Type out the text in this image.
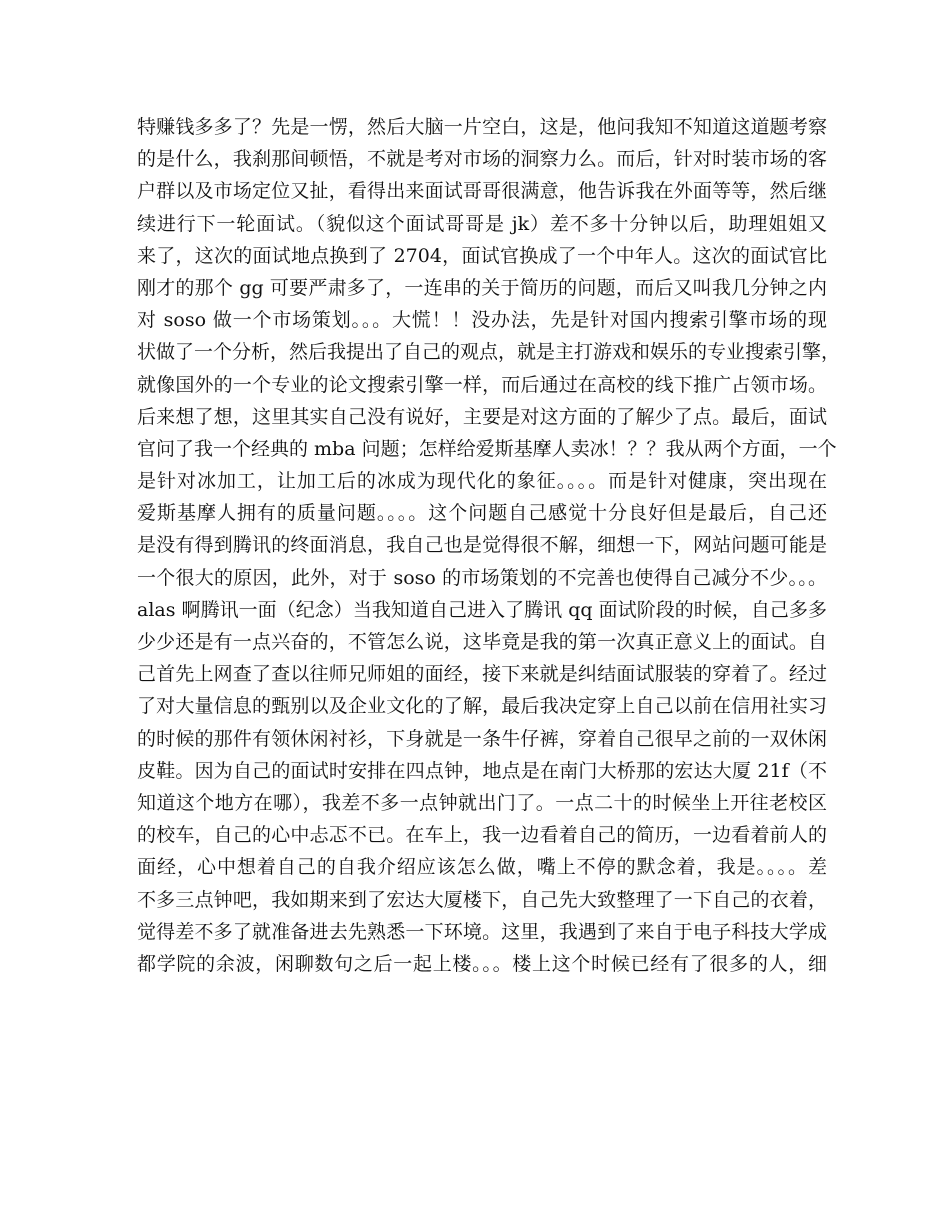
特赚钱多多了？先是一愣，然后大脑一片空白，这是，他问我知不知道这道题考察
的是什么，我刹那间顿悟，不就是考对市场的洞察力么。而后，针对时装市场的客
户群以及市场定位又扯，看得出来面试哥哥很满意，他告诉我在外面等等，然后继
续进行下一轮面试。（貌似这个面试哥哥是 jk）差不多十分钟以后，助理姐姐又
来了，这次的面试地点换到了 2704，面试官换成了一个中年人。这次的面试官比
刚才的那个 gg 可要严肃多了，一连串的关于简历的问题，而后又叫我几分钟之内
对 soso 做一个市场策划。。。大慌！！没办法，先是针对国内搜索引擎市场的现
状做了一个分析，然后我提出了自己的观点，就是主打游戏和娱乐的专业搜索引擎，
就像国外的一个专业的论文搜索引擎一样，而后通过在高校的线下推广占领市场。
后来想了想，这里其实自己没有说好，主要是对这方面的了解少了点。最后，面试
官问了我一个经典的 mba 问题；怎样给爱斯基摩人卖冰！？？我从两个方面，一个
是针对冰加工，让加工后的冰成为现代化的象征。。。。而是针对健康，突出现在
爱斯基摩人拥有的质量问题。。。。这个问题自己感觉十分良好但是最后，自己还
是没有得到腾讯的终面消息，我自己也是觉得很不解，细想一下，网站问题可能是
一个很大的原因，此外，对于 soso 的市场策划的不完善也使得自己减分不少。。。
alas 啊腾讯一面（纪念）当我知道自己进入了腾讯 qq 面试阶段的时候，自己多多
少少还是有一点兴奋的，不管怎么说，这毕竟是我的第一次真正意义上的面试。自
己首先上网查了查以往师兄师姐的面经，接下来就是纠结面试服装的穿着了。经过
了对大量信息的甄别以及企业文化的了解，最后我决定穿上自己以前在信用社实习
的时候的那件有领休闲衬衫，下身就是一条牛仔裤，穿着自己很早之前的一双休闲
皮鞋。因为自己的面试时安排在四点钟，地点是在南门大桥那的宏达大厦 21f（不
知道这个地方在哪），我差不多一点钟就出门了。一点二十的时候坐上开往老校区
的校车，自己的心中忐忑不已。在车上，我一边看着自己的简历，一边看着前人的
面经，心中想着自己的自我介绍应该怎么做，嘴上不停的默念着，我是。。。。差
不多三点钟吧，我如期来到了宏达大厦楼下，自己先大致整理了一下自己的衣着，
觉得差不多了就准备进去先熟悉一下环境。这里，我遇到了来自于电子科技大学成
都学院的余波，闲聊数句之后一起上楼。。。楼上这个时候已经有了很多的人，细
